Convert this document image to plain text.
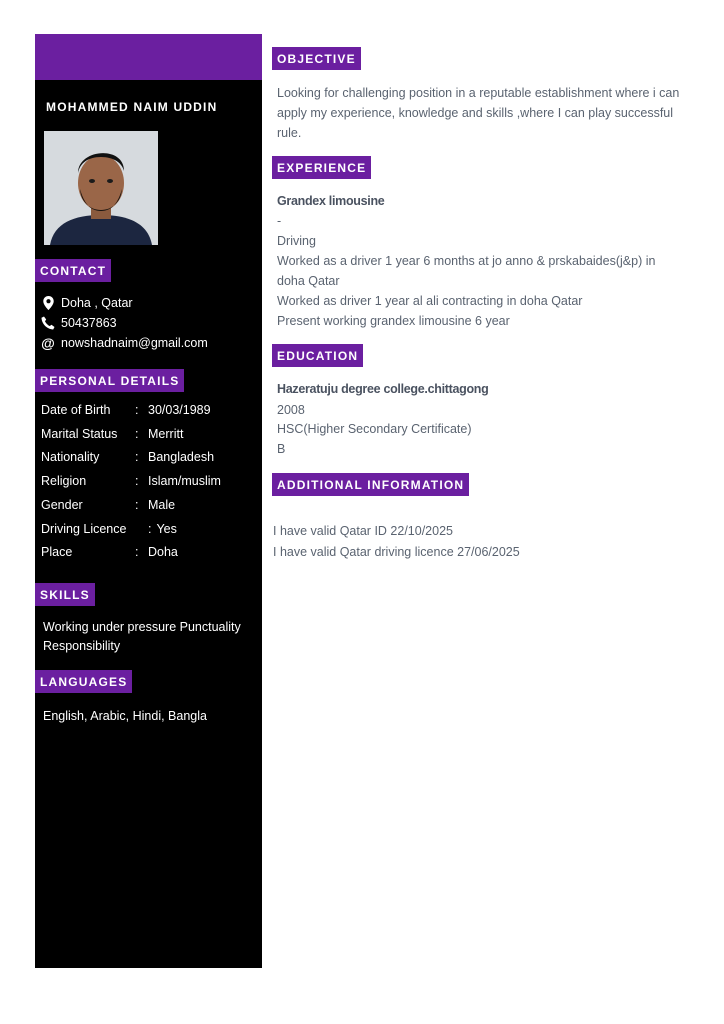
MOHAMMED NAIM UDDIN
CONTACT
Doha , Qatar
50437863
@ nowshadnaim@gmail.com
PERSONAL DETAILS
Date of Birth : 30/03/1989
Marital Status : Merritt
Nationality	: Bangladesh
Religion	: Islam/muslim
Gender	: Male
Driving Licence : Yes
Place	: Doha
SKILLS
Working under pressure Punctuality Responsibility
LANGUAGES
English, Arabic, Hindi, Bangla
OBJECTIVE
Looking for challenging position in a reputable establishment where i can apply my experience, knowledge and skills ,where I can play successful rule.
EXPERIENCE
Grandex limousine
-
Driving
Worked as a driver 1 year 6 months at jo anno & prskabaides(j&p) in doha Qatar
Worked as driver 1 year al ali contracting in doha Qatar
Present working grandex limousine 6 year
EDUCATION
Hazeratuju degree college.chittagong
2008
HSC(Higher Secondary Certificate)
B
ADDITIONAL INFORMATION
I have valid Qatar ID 22/10/2025
I have valid Qatar driving licence 27/06/2025
